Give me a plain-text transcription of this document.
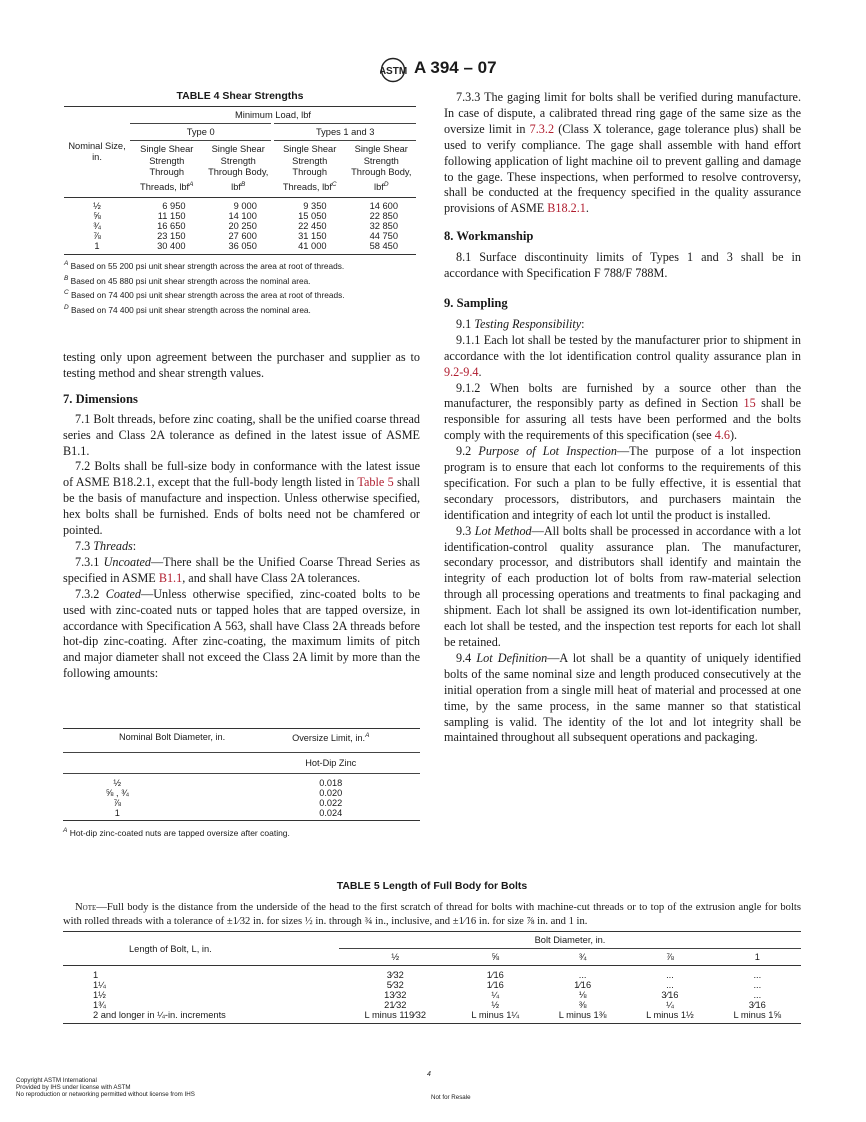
ASTM A 394 – 07
TABLE 4 Shear Strengths
Nominal Size, in.	Minimum Load, lbf			
	Type 0		Types 1 and 3	
	Single Shear Strength Through Threads, lbf$^A$	Single Shear Strength Through Body, lbf$^B$	Single Shear Strength Through Threads, lbf$^C$	Single Shear Strength Through Body, lbf$^D$
½	6 950	9 000	9 350	14 600
⅝	11 150	14 100	15 050	22 850
¾	16 650	20 250	22 450	32 850
⅞	23 150	27 600	31 150	44 750
1	30 400	36 050	41 000	58 450
$^A$ Based on 55 200 psi unit shear strength across the area at root of threads.
$^B$ Based on 45 880 psi unit shear strength across the nominal area.
$^C$ Based on 74 400 psi unit shear strength across the area at root of threads.
$^D$ Based on 74 400 psi unit shear strength across the nominal area.

testing only upon agreement between the purchaser and supplier as to testing method and shear strength values.

7. Dimensions

7.1 Bolt threads, before zinc coating, shall be the unified coarse thread series and Class 2A tolerance as defined in the latest issue of ASME B1.1.

7.2 Bolts shall be full-size body in conformance with the latest issue of ASME B18.2.1, except that the full-body length listed in Table 5 shall be the basis of manufacture and inspection. Unless otherwise specified, hex bolts shall be furnished. Ends of bolts need not be chamfered or pointed.

7.3 Threads:

7.3.1 Uncoated—There shall be the Unified Coarse Thread Series as specified in ASME B1.1, and shall have Class 2A tolerances.

7.3.2 Coated—Unless otherwise specified, zinc-coated bolts to be used with zinc-coated nuts or tapped holes that are tapped oversize, in accordance with Specification A 563, shall have Class 2A threads before hot-dip zinc-coating. After zinc-coating, the maximum limits of pitch and major diameter shall not exceed the Class 2A limit by more than the following amounts:

Nominal Bolt Diameter, in.	Oversize Limit, in.$^A$
	Hot-Dip Zinc
½	0.018
⅝ , ¾	0.020
⅞	0.022
1	0.024
$^A$ Hot-dip zinc-coated nuts are tapped oversize after coating.

7.3.3 The gaging limit for bolts shall be verified during manufacture. In case of dispute, a calibrated thread ring gage of the same size as the oversize limit in 7.3.2 (Class X tolerance, gage tolerance plus) shall be used to verify compliance. The gage shall assemble with hand effort following application of light machine oil to prevent galling and damage to the gage. These inspections, when performed to resolve controversy, shall be conducted at the frequency specified in the quality assurance provisions of ASME B18.2.1.

8. Workmanship

8.1 Surface discontinuity limits of Types 1 and 3 shall be in accordance with Specification F 788/F 788M.

9. Sampling

9.1 Testing Responsibility:

9.1.1 Each lot shall be tested by the manufacturer prior to shipment in accordance with the lot identification control quality assurance plan in 9.2-9.4.

9.1.2 When bolts are furnished by a source other than the manufacturer, the responsibly party as defined in Section 15 shall be responsible for assuring all tests have been performed and the bolts comply with the requirements of this specification (see 4.6).

9.2 Purpose of Lot Inspection—The purpose of a lot inspection program is to ensure that each lot conforms to the requirements of this specification. For such a plan to be fully effective, it is essential that secondary processors, distributors, and purchasers maintain the identification and integrity of each lot until the product is installed.

9.3 Lot Method—All bolts shall be processed in accordance with a lot identification-control quality assurance plan. The manufacturer, secondary processor, and distributors shall identify and maintain the integrity of each production lot of bolts from raw-material selection through all processing operations and treatments to final packaging and shipment. Each lot shall be assigned its own lot-identification number, each lot shall be tested, and the inspection test reports for each lot shall be retained.

9.4 Lot Definition—A lot shall be a quantity of uniquely identified bolts of the same nominal size and length produced consecutively at the initial operation from a single mill heat of material and processed at one time, by the same process, in the same manner so that statistical sampling is valid. The identity of the lot and lot integrity shall be maintained throughout all subsequent operations and packaging.

TABLE 5 Length of Full Body for Bolts
Note—Full body is the distance from the underside of the head to the first scratch of thread for bolts with machine-cut threads or to top of the extrusion angle for bolts with rolled threads with a tolerance of ±1⁄32 in. for sizes ½ in. through ¾ in., inclusive, and ±1⁄16 in. for size ⅞ in. and 1 in.
Length of Bolt, L, in.	Bolt Diameter, in.				
	½	⅝	¾	⅞	1
1	3⁄32	1⁄16	...	...	...
1¼	5⁄32	1⁄16	1⁄16	...	...
1½	13⁄32	¼	⅛	3⁄16	...
1¾	21⁄32	½	⅜	¼	3⁄16
2 and longer in ¼-in. increments	L minus 119⁄32	L minus 1¼	L minus 1⅜	L minus 1½	L minus 1⅝
Copyright ASTM International
Provided by IHS under license with ASTM
No reproduction or networking permitted without license from IHS
4
Not for Resale
